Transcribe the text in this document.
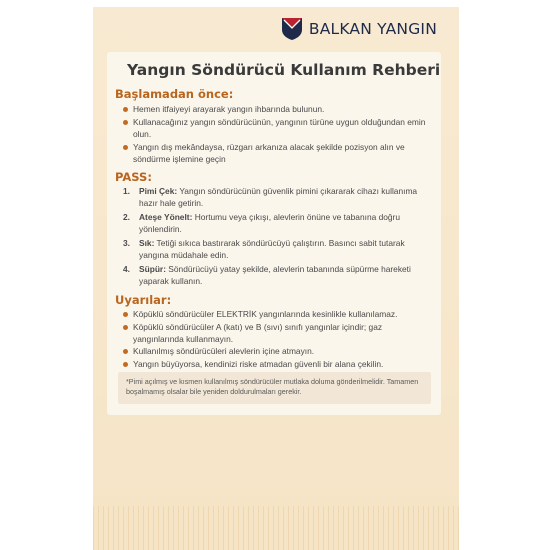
BALKAN YANGIN
Yangın Söndürücü Kullanım Rehberi
Başlamadan önce:
Hemen itfaiyeyi arayarak yangın ihbarında bulunun.
Kullanacağınız yangın söndürücünün, yangının türüne uygun olduğundan emin olun.
Yangın dış mekândaysa, rüzgarı arkanıza alacak şekilde pozisyon alın ve söndürme işlemine geçin
PASS:
1. Pimi Çek: Yangın söndürücünün güvenlik pimini çıkararak cihazı kullanıma hazır hale getirin.
2. Ateşe Yönelt: Hortumu veya çıkışı, alevlerin önüne ve tabanına doğru yönlendirin.
3. Sık: Tetiği sıkıca bastırarak söndürücüyü çalıştırın. Basıncı sabit tutarak yangına müdahale edin.
4. Süpür: Söndürücüyü yatay şekilde, alevlerin tabanında süpürme hareketi yaparak kullanın.
Uyarılar:
Köpüklü söndürücüler ELEKTRİK yangınlarında kesinlikle kullanılamaz.
Köpüklü söndürücüler A (katı) ve B (sıvı) sınıfı yangınlar içindir; gaz yangınlarında kullanmayın.
Kullanılmış söndürücüleri alevlerin içine atmayın.
Yangın büyüyorsa, kendinizi riske atmadan güvenli bir alana çekilin.
*Pimi açılmış ve kısmen kullanılmış söndürücüler mutlaka doluma gönderilmelidir. Tamamen boşalmamış olsalar bile yeniden doldurulmaları gerekir.
